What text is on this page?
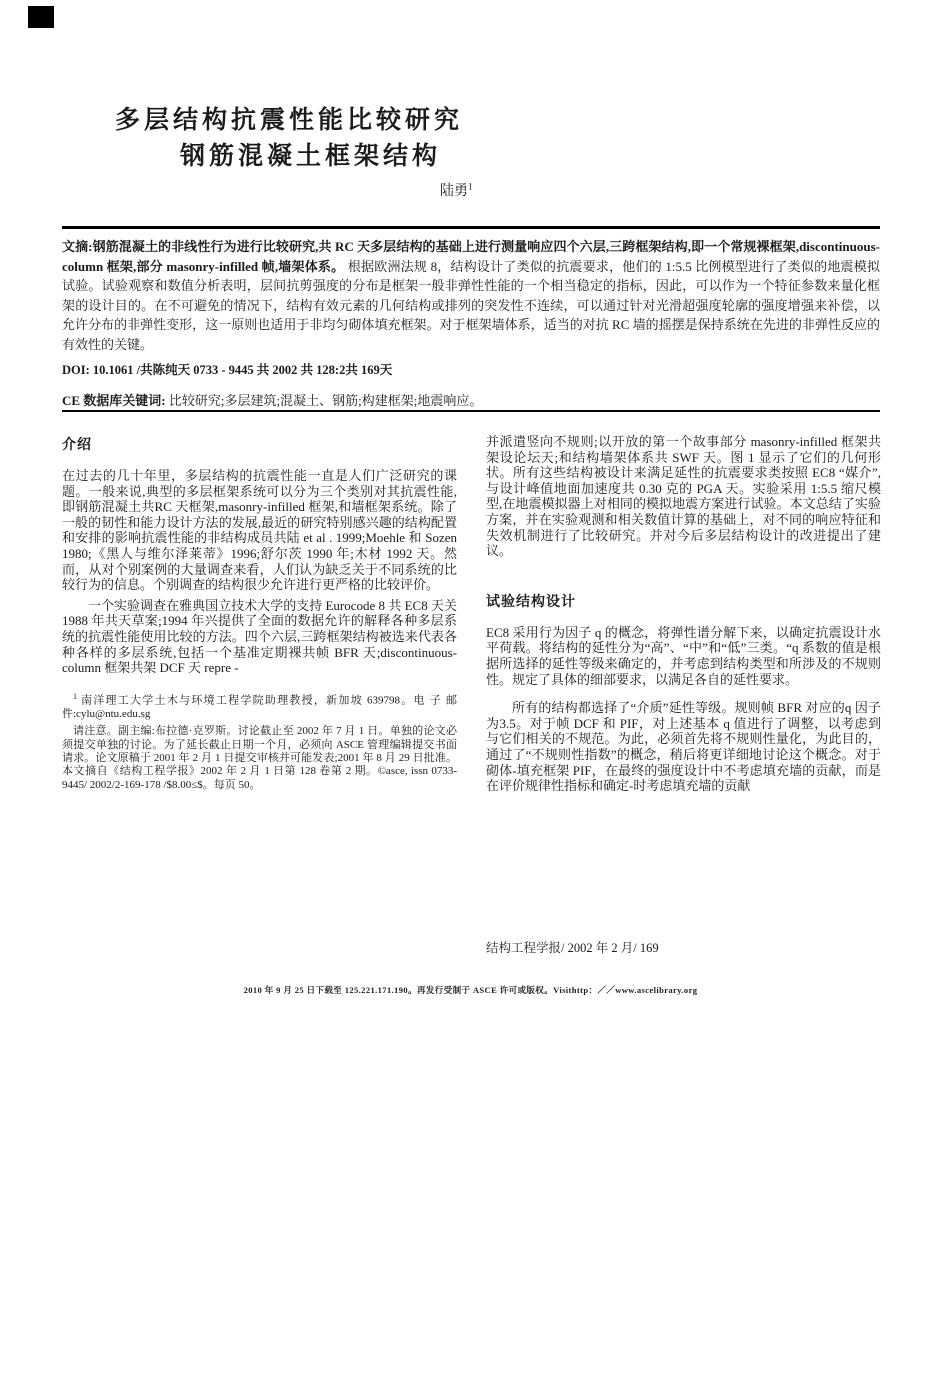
多层结构抗震性能比较研究
钢筋混凝土框架结构
陆勇$^1$

文摘:钢筋混凝土的非线性行为进行比较研究,共 RC 天多层结构的基础上进行测量响应四个六层,三跨框架结构,即一个常规裸框架,discontinuous-column 框架,部分 masonry-infilled 帧,墙架体系。 根据欧洲法规 8，结构设计了类似的抗震要求，他们的 1:5.5 比例模型进行了类似的地震模拟试验。试验观察和数值分析表明，层间抗剪强度的分布是框架一般非弹性性能的一个相当稳定的指标，因此，可以作为一个特征参数来量化框架的设计目的。在不可避免的情况下，结构有效元素的几何结构或排列的突发性不连续，可以通过针对光滑超强度轮廓的强度增强来补偿，以允许分布的非弹性变形，这一原则也适用于非均匀砌体填充框架。对于框架墙体系，适当的对抗 RC 墙的摇摆是保持系统在先进的非弹性反应的有效性的关键。

DOI: 10.1061 /共陈纯天 0733 - 9445 共 2002 共 128:2共 169天

CE 数据库关键词: 比较研究;多层建筑;混凝土、钢筋;构建框架;地震响应。

介绍

在过去的几十年里，多层结构的抗震性能一直是人们广泛研究的课题。一般来说,典型的多层框架系统可以分为三个类别对其抗震性能,即钢筋混凝土共RC 天框架,masonry-infilled 框架,和墙框架系统。除了一般的韧性和能力设计方法的发展,最近的研究特别感兴趣的结构配置和安排的影响抗震性能的非结构成员共陆 et al . 1999;Moehle 和 Sozen 1980;《黑人与维尔泽莱蒂》1996;舒尔茨 1990 年;木材 1992 天。然而，从对个别案例的大量调查来看，人们认为缺乏关于不同系统的比较行为的信息。个别调查的结构很少允许进行更严格的比较评价。

一个实验调查在雅典国立技术大学的支持 Eurocode 8 共 EC8 天关 1988 年共天草案;1994 年兴提供了全面的数据允许的解释各种多层系统的抗震性能使用比较的方法。四个六层,三跨框架结构被选来代表各种各样的多层系统,包括一个基准定期裸共帧 BFR 天;discontinuous-column 框架共架 DCF 天 repre -

$^1$ 南洋理工大学土木与环境工程学院助理教授，新加坡 639798。电 子 邮 件:cylu@ntu.edu.sg

请注意。副主编:布拉德·克罗斯。讨论截止至 2002 年 7 月 1 日。单独的论文必须提交单独的讨论。为了延长截止日期一个月，必须向 ASCE 管理编辑提交书面请求。论文原稿于 2001 年 2 月 1 日提交审核并可能发表;2001 年 8 月 29 日批准。本文摘自《结构工程学报》2002 年 2 月 1 日第 128 卷第 2 期。©asce, issn 0733-9445/ 2002/2-169-178 /$8.00≤$。每页 50。

并派遣竖向不规则;以开放的第一个故事部分 masonry-infilled 框架共架设论坛天;和结构墙架体系共 SWF 天。图 1 显示了它们的几何形状。所有这些结构被设计来满足延性的抗震要求类按照 EC8 “媒介”,与设计峰值地面加速度共 0.30 克的 PGA 天。实验采用 1:5.5 缩尺模型,在地震模拟器上对相同的模拟地震方案进行试验。本文总结了实验方案，并在实验观测和相关数值计算的基础上，对不同的响应特征和失效机制进行了比较研究。并对今后多层结构设计的改进提出了建议。

试验结构设计

EC8 采用行为因子 q 的概念，将弹性谱分解下来，以确定抗震设计水平荷载。将结构的延性分为“高”、“中”和“低”三类。“q 系数的值是根据所选择的延性等级来确定的，并考虑到结构类型和所涉及的不规则性。规定了具体的细部要求，以满足各自的延性要求。

所有的结构都选择了“介质”延性等级。规则帧 BFR 对应的q 因子为3.5。对于帧 DCF 和 PIF，对上述基本 q 值进行了调整，以考虑到与它们相关的不规范。为此，必须首先将不规则性量化，为此目的，通过了“不规则性指数”的概念，稍后将更详细地讨论这个概念。对于砌体-填充框架 PIF，在最终的强度设计中不考虑填充墙的贡献，而是在评价规律性指标和确定-时考虑填充墙的贡献

结构工程学报/ 2002 年 2 月/ 169
2010 年 9 月 25 日下载至 125.221.171.190。再发行受制于 ASCE 许可或版权。Visithttp：／／www.ascelibrary.org
